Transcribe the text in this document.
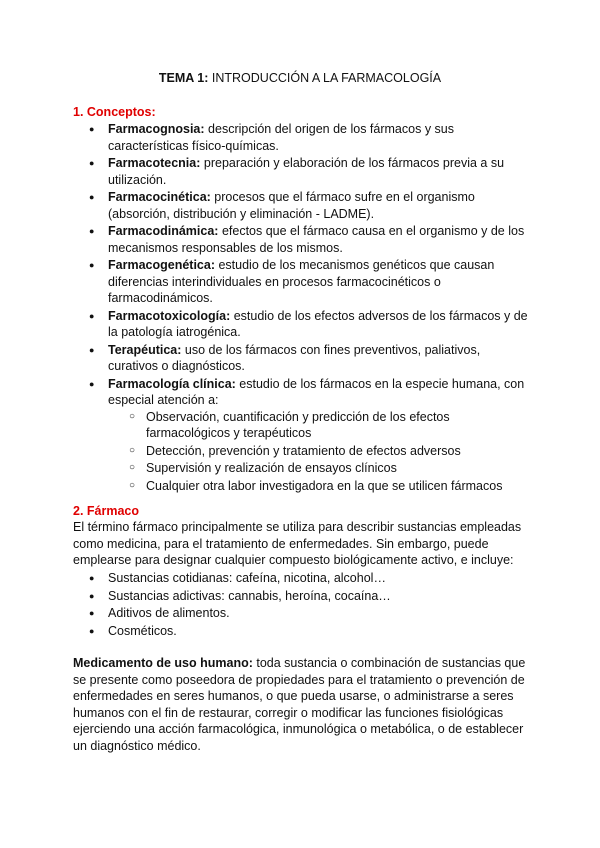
TEMA 1: INTRODUCCIÓN A LA FARMACOLOGÍA
1. Conceptos:
● Farmacognosia: descripción del origen de los fármacos y sus características físico-químicas.
● Farmacotecnia: preparación y elaboración de los fármacos previa a su utilización.
● Farmacocinética: procesos que el fármaco sufre en el organismo (absorción, distribución y eliminación - LADME).
● Farmacodinámica: efectos que el fármaco causa en el organismo y de los mecanismos responsables de los mismos.
● Farmacogenética: estudio de los mecanismos genéticos que causan diferencias interindividuales en procesos farmacocinéticos o farmacodinámicos.
● Farmacotoxicología: estudio de los efectos adversos de los fármacos y de la patología iatrogénica.
● Terapéutica: uso de los fármacos con fines preventivos, paliativos, curativos o diagnósticos.
● Farmacología clínica: estudio de los fármacos en la especie humana, con especial atención a:
○ Observación, cuantificación y predicción de los efectos farmacológicos y terapéuticos
○ Detección, prevención y tratamiento de efectos adversos
○ Supervisión y realización de ensayos clínicos
○ Cualquier otra labor investigadora en la que se utilicen fármacos
2. Fármaco
El término fármaco principalmente se utiliza para describir sustancias empleadas como medicina, para el tratamiento de enfermedades. Sin embargo, puede emplearse para designar cualquier compuesto biológicamente activo, e incluye:
● Sustancias cotidianas: cafeína, nicotina, alcohol…
● Sustancias adictivas: cannabis, heroína, cocaína…
● Aditivos de alimentos.
● Cosméticos.
Medicamento de uso humano: toda sustancia o combinación de sustancias que se presente como poseedora de propiedades para el tratamiento o prevención de enfermedades en seres humanos, o que pueda usarse, o administrarse a seres humanos con el fin de restaurar, corregir o modificar las funciones fisiológicas ejerciendo una acción farmacológica, inmunológica o metabólica, o de establecer un diagnóstico médico.
